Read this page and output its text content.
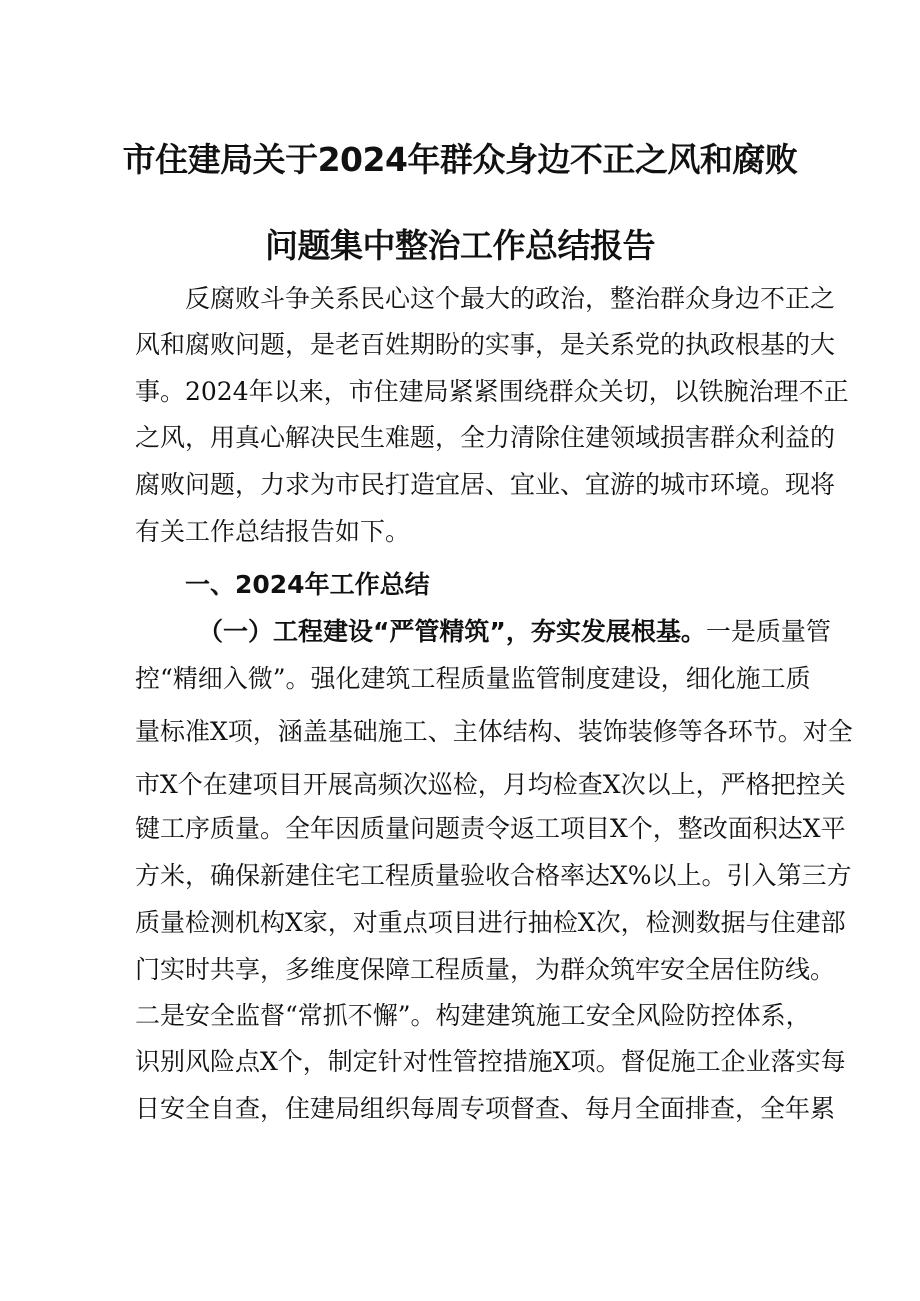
市住建局关于2024年群众身边不正之风和腐败
问题集中整治工作总结报告
反腐败斗争关系民心这个最大的政治，整治群众身边不正之
风和腐败问题，是老百姓期盼的实事，是关系党的执政根基的大
事。2024年以来，市住建局紧紧围绕群众关切，以铁腕治理不正
之风，用真心解决民生难题，全力清除住建领域损害群众利益的
腐败问题，力求为市民打造宜居、宜业、宜游的城市环境。现将
有关工作总结报告如下。
一、2024年工作总结
（一）工程建设“严管精筑”，夯实发展根基。一是质量管
控“精细入微”。强化建筑工程质量监管制度建设，细化施工质
量标准X项，涵盖基础施工、主体结构、装饰装修等各环节。对全
市X个在建项目开展高频次巡检，月均检查X次以上，严格把控关
键工序质量。全年因质量问题责令返工项目X个，整改面积达X平
方米，确保新建住宅工程质量验收合格率达X%以上。引入第三方
质量检测机构X家，对重点项目进行抽检X次，检测数据与住建部
门实时共享，多维度保障工程质量，为群众筑牢安全居住防线。
二是安全监督“常抓不懈”。构建建筑施工安全风险防控体系，
识别风险点X个，制定针对性管控措施X项。督促施工企业落实每
日安全自查，住建局组织每周专项督查、每月全面排查，全年累
